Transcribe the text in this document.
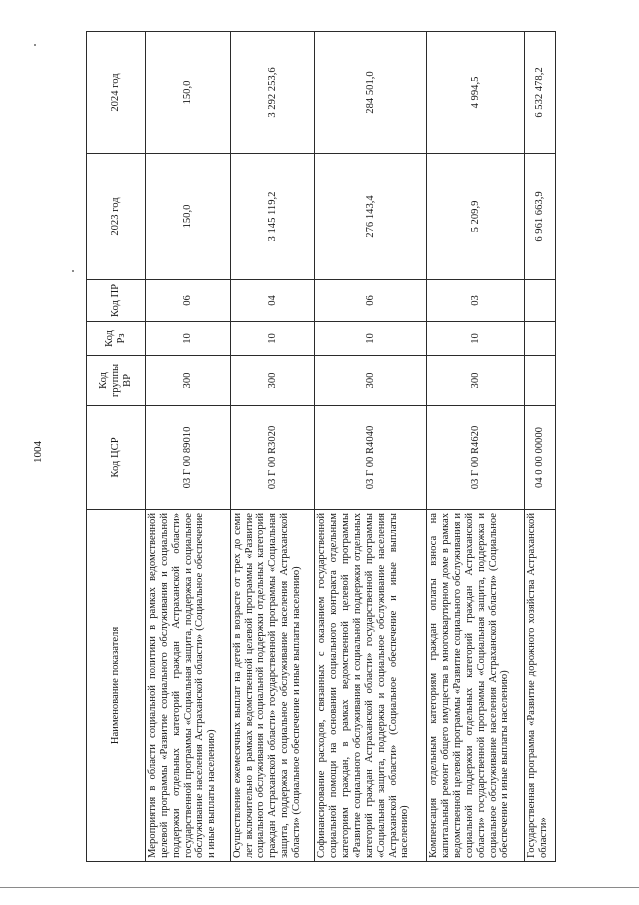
1004
Наименование показателя	Код ЦСР	Код группы ВР	Код Рз	Код ПР	2023 год	2024 год
Мероприятия в области социальной политики в рамках ведомственной целевой программы «Развитие социального обслуживания и социальной поддержки отдельных категорий граждан Астраханской области» государственной программы «Социальная защита, поддержка и социальное обслуживание населения Астраханской области» (Социальное обеспечение и иные выплаты населению)	03 Г 00 89010	300	10	06	150,0	150,0
Осуществление ежемесячных выплат на детей в возрасте от трех до семи лет включительно в рамках ведомственной целевой программы «Развитие социального обслуживания и социальной поддержки отдельных категорий граждан Астраханской области» государственной программы «Социальная защита, поддержка и социальное обслуживание населения Астраханской области» (Социальное обеспечение и иные выплаты населению)	03 Г 00 R3020	300	10	04	3 145 119,2	3 292 253,6
Софинансирование расходов, связанных с оказанием государственной социальной помощи на основании социального контракта отдельным категориям граждан, в рамках ведомственной целевой программы «Развитие социального обслуживания и социальной поддержки отдельных категорий граждан Астраханской области» государственной программы «Социальная защита, поддержка и социальное обслуживание населения Астраханской области» (Социальное обеспечение и иные выплаты населению)	03 Г 00 R4040	300	10	06	276 143,4	284 501,0
Компенсация отдельным категориям граждан оплаты взноса на капитальный ремонт общего имущества в многоквартирном доме в рамках ведомственной целевой программы «Развитие социального обслуживания и социальной поддержки отдельных категорий граждан Астраханской области» государственной программы «Социальная защита, поддержка и социальное обслуживание населения Астраханской области» (Социальное обеспечение и иные выплаты населению)	03 Г 00 R4620	300	10	03	5 209,9	4 994,5
Государственная программа «Развитие дорожного хозяйства Астраханской области»	04 0 00 00000				6 961 663,9	6 532 478,2
